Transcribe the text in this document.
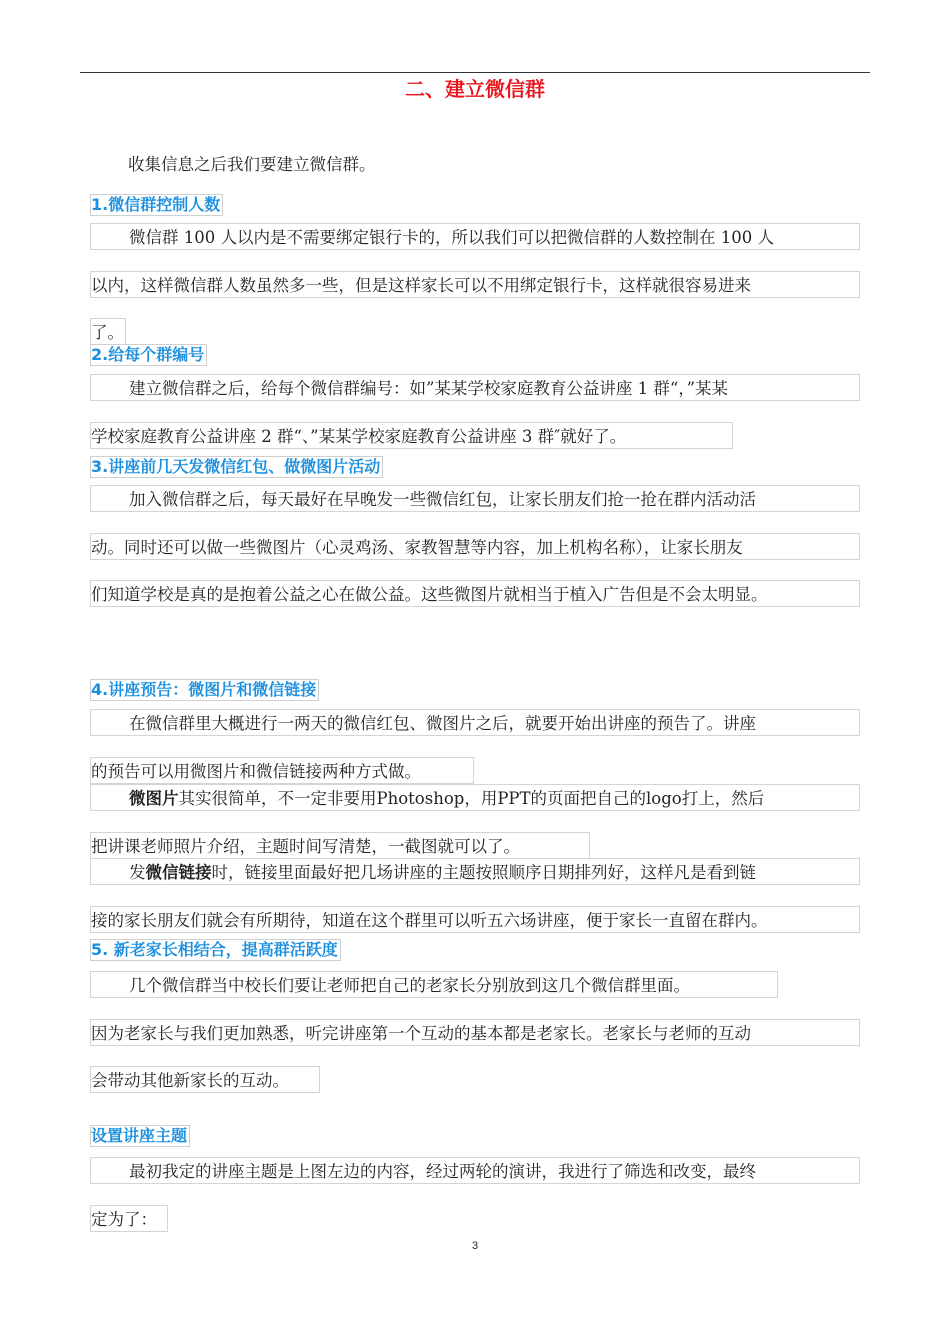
二、建立微信群
收集信息之后我们要建立微信群。
1.微信群控制人数
微信群 100 人以内是不需要绑定银行卡的，所以我们可以把微信群的人数控制在 100 人
以内，这样微信群人数虽然多一些，但是这样家长可以不用绑定银行卡，这样就很容易进来
了。
2.给每个群编号
建立微信群之后，给每个微信群编号：如”某某学校家庭教育公益讲座 1 群“，”某某
学校家庭教育公益讲座 2 群“、”某某学校家庭教育公益讲座 3 群″就好了。
3.讲座前几天发微信红包、做微图片活动
加入微信群之后，每天最好在早晚发一些微信红包，让家长朋友们抢一抢在群内活动活
动。同时还可以做一些微图片（心灵鸡汤、家教智慧等内容，加上机构名称），让家长朋友
们知道学校是真的是抱着公益之心在做公益。这些微图片就相当于植入广告但是不会太明显。
4.讲座预告：微图片和微信链接
在微信群里大概进行一两天的微信红包、微图片之后，就要开始出讲座的预告了。讲座
的预告可以用微图片和微信链接两种方式做。
微图片其实很简单，不一定非要用Photoshop，用PPT的页面把自己的logo打上，然后
把讲课老师照片介绍，主题时间写清楚，一截图就可以了。
发微信链接时，链接里面最好把几场讲座的主题按照顺序日期排列好，这样凡是看到链
接的家长朋友们就会有所期待，知道在这个群里可以听五六场讲座，便于家长一直留在群内。
5. 新老家长相结合，提高群活跃度
几个微信群当中校长们要让老师把自己的老家长分别放到这几个微信群里面。
因为老家长与我们更加熟悉，听完讲座第一个互动的基本都是老家长。老家长与老师的互动
会带动其他新家长的互动。
设置讲座主题
最初我定的讲座主题是上图左边的内容，经过两轮的演讲，我进行了筛选和改变，最终
定为了：
3
